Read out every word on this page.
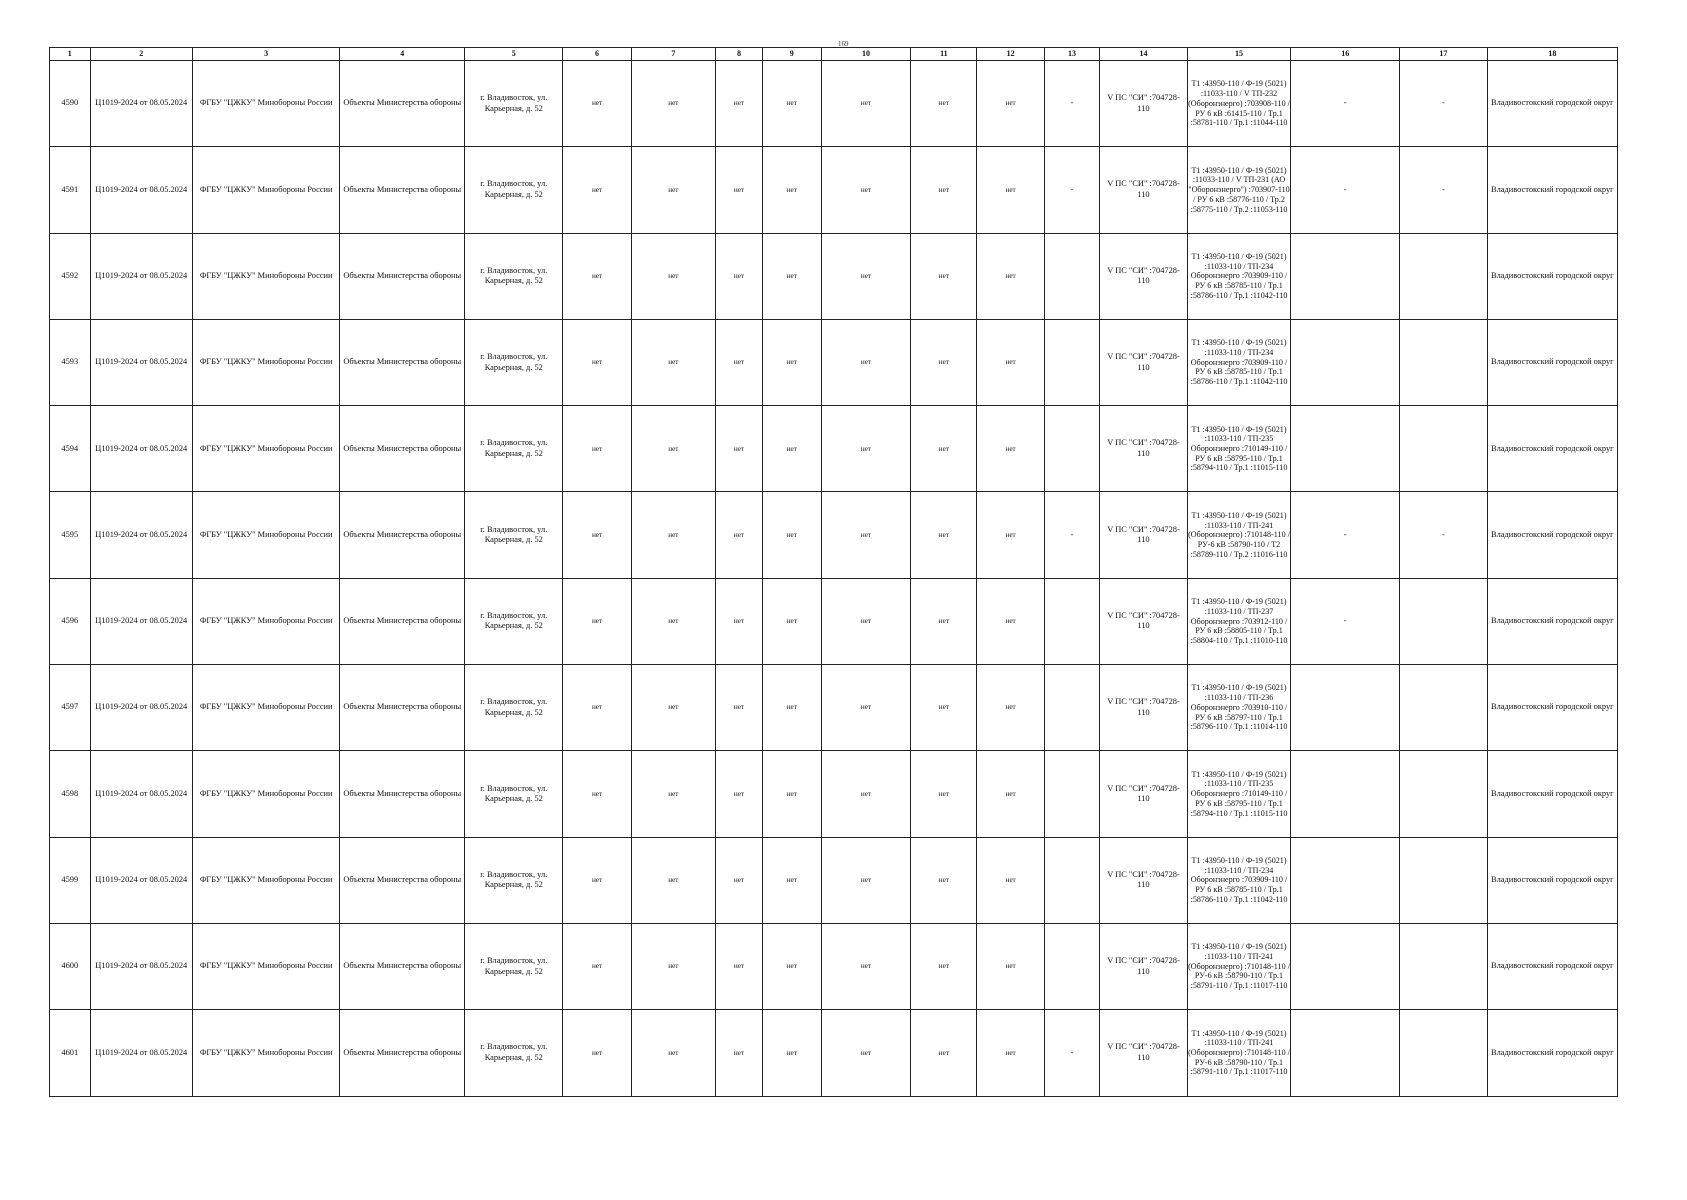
169
1	2	3	4	5	6	7	8	9	10	11	12	13	14	15	16	17	18
4590	Ц1019-2024 от 08.05.2024	ФГБУ "ЦЖКУ" Минобороны России	Объекты Министерства обороны	г. Владивосток, ул. Карьерная, д. 52	нет	нет	нет	нет	нет	нет	нет	-	V ПС "СИ" :704728-110	T1 :43950-110 / Ф-19 (5021) :11033-110 / V ТП-232 (Оборонэнерго) :703908-110 / РУ 6 кВ :61415-110 / Тр.1 :58781-110 / Тр.1 :11044-110	-	-	Владивостокский городской округ
4591	Ц1019-2024 от 08.05.2024	ФГБУ "ЦЖКУ" Минобороны России	Объекты Министерства обороны	г. Владивосток, ул. Карьерная, д. 52	нет	нет	нет	нет	нет	нет	нет	-	V ПС "СИ" :704728-110	T1 :43950-110 / Ф-19 (5021) :11033-110 / V ТП-231 (АО "Оборонэнерго") :703907-110 / РУ 6 кВ :58776-110 / Тр.2 :58775-110 / Тр.2 :11053-110	-	-	Владивостокский городской округ
4592	Ц1019-2024 от 08.05.2024	ФГБУ "ЦЖКУ" Минобороны России	Объекты Министерства обороны	г. Владивосток, ул. Карьерная, д. 52	нет	нет	нет	нет	нет	нет	нет		V ПС "СИ" :704728-110	T1 :43950-110 / Ф-19 (5021) :11033-110 / ТП-234 Оборонэнерго :703909-110 / РУ 6 кВ :58785-110 / Тр.1 :58786-110 / Тр.1 :11042-110			Владивостокский городской округ
4593	Ц1019-2024 от 08.05.2024	ФГБУ "ЦЖКУ" Минобороны России	Объекты Министерства обороны	г. Владивосток, ул. Карьерная, д. 52	нет	нет	нет	нет	нет	нет	нет		V ПС "СИ" :704728-110	T1 :43950-110 / Ф-19 (5021) :11033-110 / ТП-234 Оборонэнерго :703909-110 / РУ 6 кВ :58785-110 / Тр.1 :58786-110 / Тр.1 :11042-110			Владивостокский городской округ
4594	Ц1019-2024 от 08.05.2024	ФГБУ "ЦЖКУ" Минобороны России	Объекты Министерства обороны	г. Владивосток, ул. Карьерная, д. 52	нет	нет	нет	нет	нет	нет	нет		V ПС "СИ" :704728-110	T1 :43950-110 / Ф-19 (5021) :11033-110 / ТП-235 Оборонэнерго :710149-110 / РУ 6 кВ :58795-110 / Тр.1 :58794-110 / Тр.1 :11015-110			Владивостокский городской округ
4595	Ц1019-2024 от 08.05.2024	ФГБУ "ЦЖКУ" Минобороны России	Объекты Министерства обороны	г. Владивосток, ул. Карьерная, д. 52	нет	нет	нет	нет	нет	нет	нет	-	V ПС "СИ" :704728-110	T1 :43950-110 / Ф-19 (5021) :11033-110 / ТП-241 (Оборонэнерго) :710148-110 / РУ-6 кВ :58790-110 / T2 :58789-110 / Тр.2 :11016-110	-	-	Владивостокский городской округ
4596	Ц1019-2024 от 08.05.2024	ФГБУ "ЦЖКУ" Минобороны России	Объекты Министерства обороны	г. Владивосток, ул. Карьерная, д. 52	нет	нет	нет	нет	нет	нет	нет		V ПС "СИ" :704728-110	T1 :43950-110 / Ф-19 (5021) :11033-110 / ТП-237 Оборонэнерго :703912-110 / РУ 6 кВ :58805-110 / Тр.1 :58804-110 / Тр.1 :11010-110	-		Владивостокский городской округ
4597	Ц1019-2024 от 08.05.2024	ФГБУ "ЦЖКУ" Минобороны России	Объекты Министерства обороны	г. Владивосток, ул. Карьерная, д. 52	нет	нет	нет	нет	нет	нет	нет		V ПС "СИ" :704728-110	T1 :43950-110 / Ф-19 (5021) :11033-110 / ТП-236 Оборонэнерго :703910-110 / РУ 6 кВ :58797-110 / Тр.1 :58796-110 / Тр.1 :11014-110			Владивостокский городской округ
4598	Ц1019-2024 от 08.05.2024	ФГБУ "ЦЖКУ" Минобороны России	Объекты Министерства обороны	г. Владивосток, ул. Карьерная, д. 52	нет	нет	нет	нет	нет	нет	нет		V ПС "СИ" :704728-110	T1 :43950-110 / Ф-19 (5021) :11033-110 / ТП-235 Оборонэнерго :710149-110 / РУ 6 кВ :58795-110 / Тр.1 :58794-110 / Тр.1 :11015-110			Владивостокский городской округ
4599	Ц1019-2024 от 08.05.2024	ФГБУ "ЦЖКУ" Минобороны России	Объекты Министерства обороны	г. Владивосток, ул. Карьерная, д. 52	нет	нет	нет	нет	нет	нет	нет		V ПС "СИ" :704728-110	T1 :43950-110 / Ф-19 (5021) :11033-110 / ТП-234 Оборонэнерго :703909-110 / РУ 6 кВ :58785-110 / Тр.1 :58786-110 / Тр.1 :11042-110			Владивостокский городской округ
4600	Ц1019-2024 от 08.05.2024	ФГБУ "ЦЖКУ" Минобороны России	Объекты Министерства обороны	г. Владивосток, ул. Карьерная, д. 52	нет	нет	нет	нет	нет	нет	нет		V ПС "СИ" :704728-110	T1 :43950-110 / Ф-19 (5021) :11033-110 / ТП-241 (Оборонэнерго) :710148-110 / РУ-6 кВ :58790-110 / Тр.1 :58791-110 / Тр.1 :11017-110			Владивостокский городской округ
4601	Ц1019-2024 от 08.05.2024	ФГБУ "ЦЖКУ" Минобороны России	Объекты Министерства обороны	г. Владивосток, ул. Карьерная, д. 52	нет	нет	нет	нет	нет	нет	нет	-	V ПС "СИ" :704728-110	T1 :43950-110 / Ф-19 (5021) :11033-110 / ТП-241 (Оборонэнерго) :710148-110 / РУ-6 кВ :58790-110 / Тр.1 :58791-110 / Тр.1 :11017-110			Владивостокский городской округ
